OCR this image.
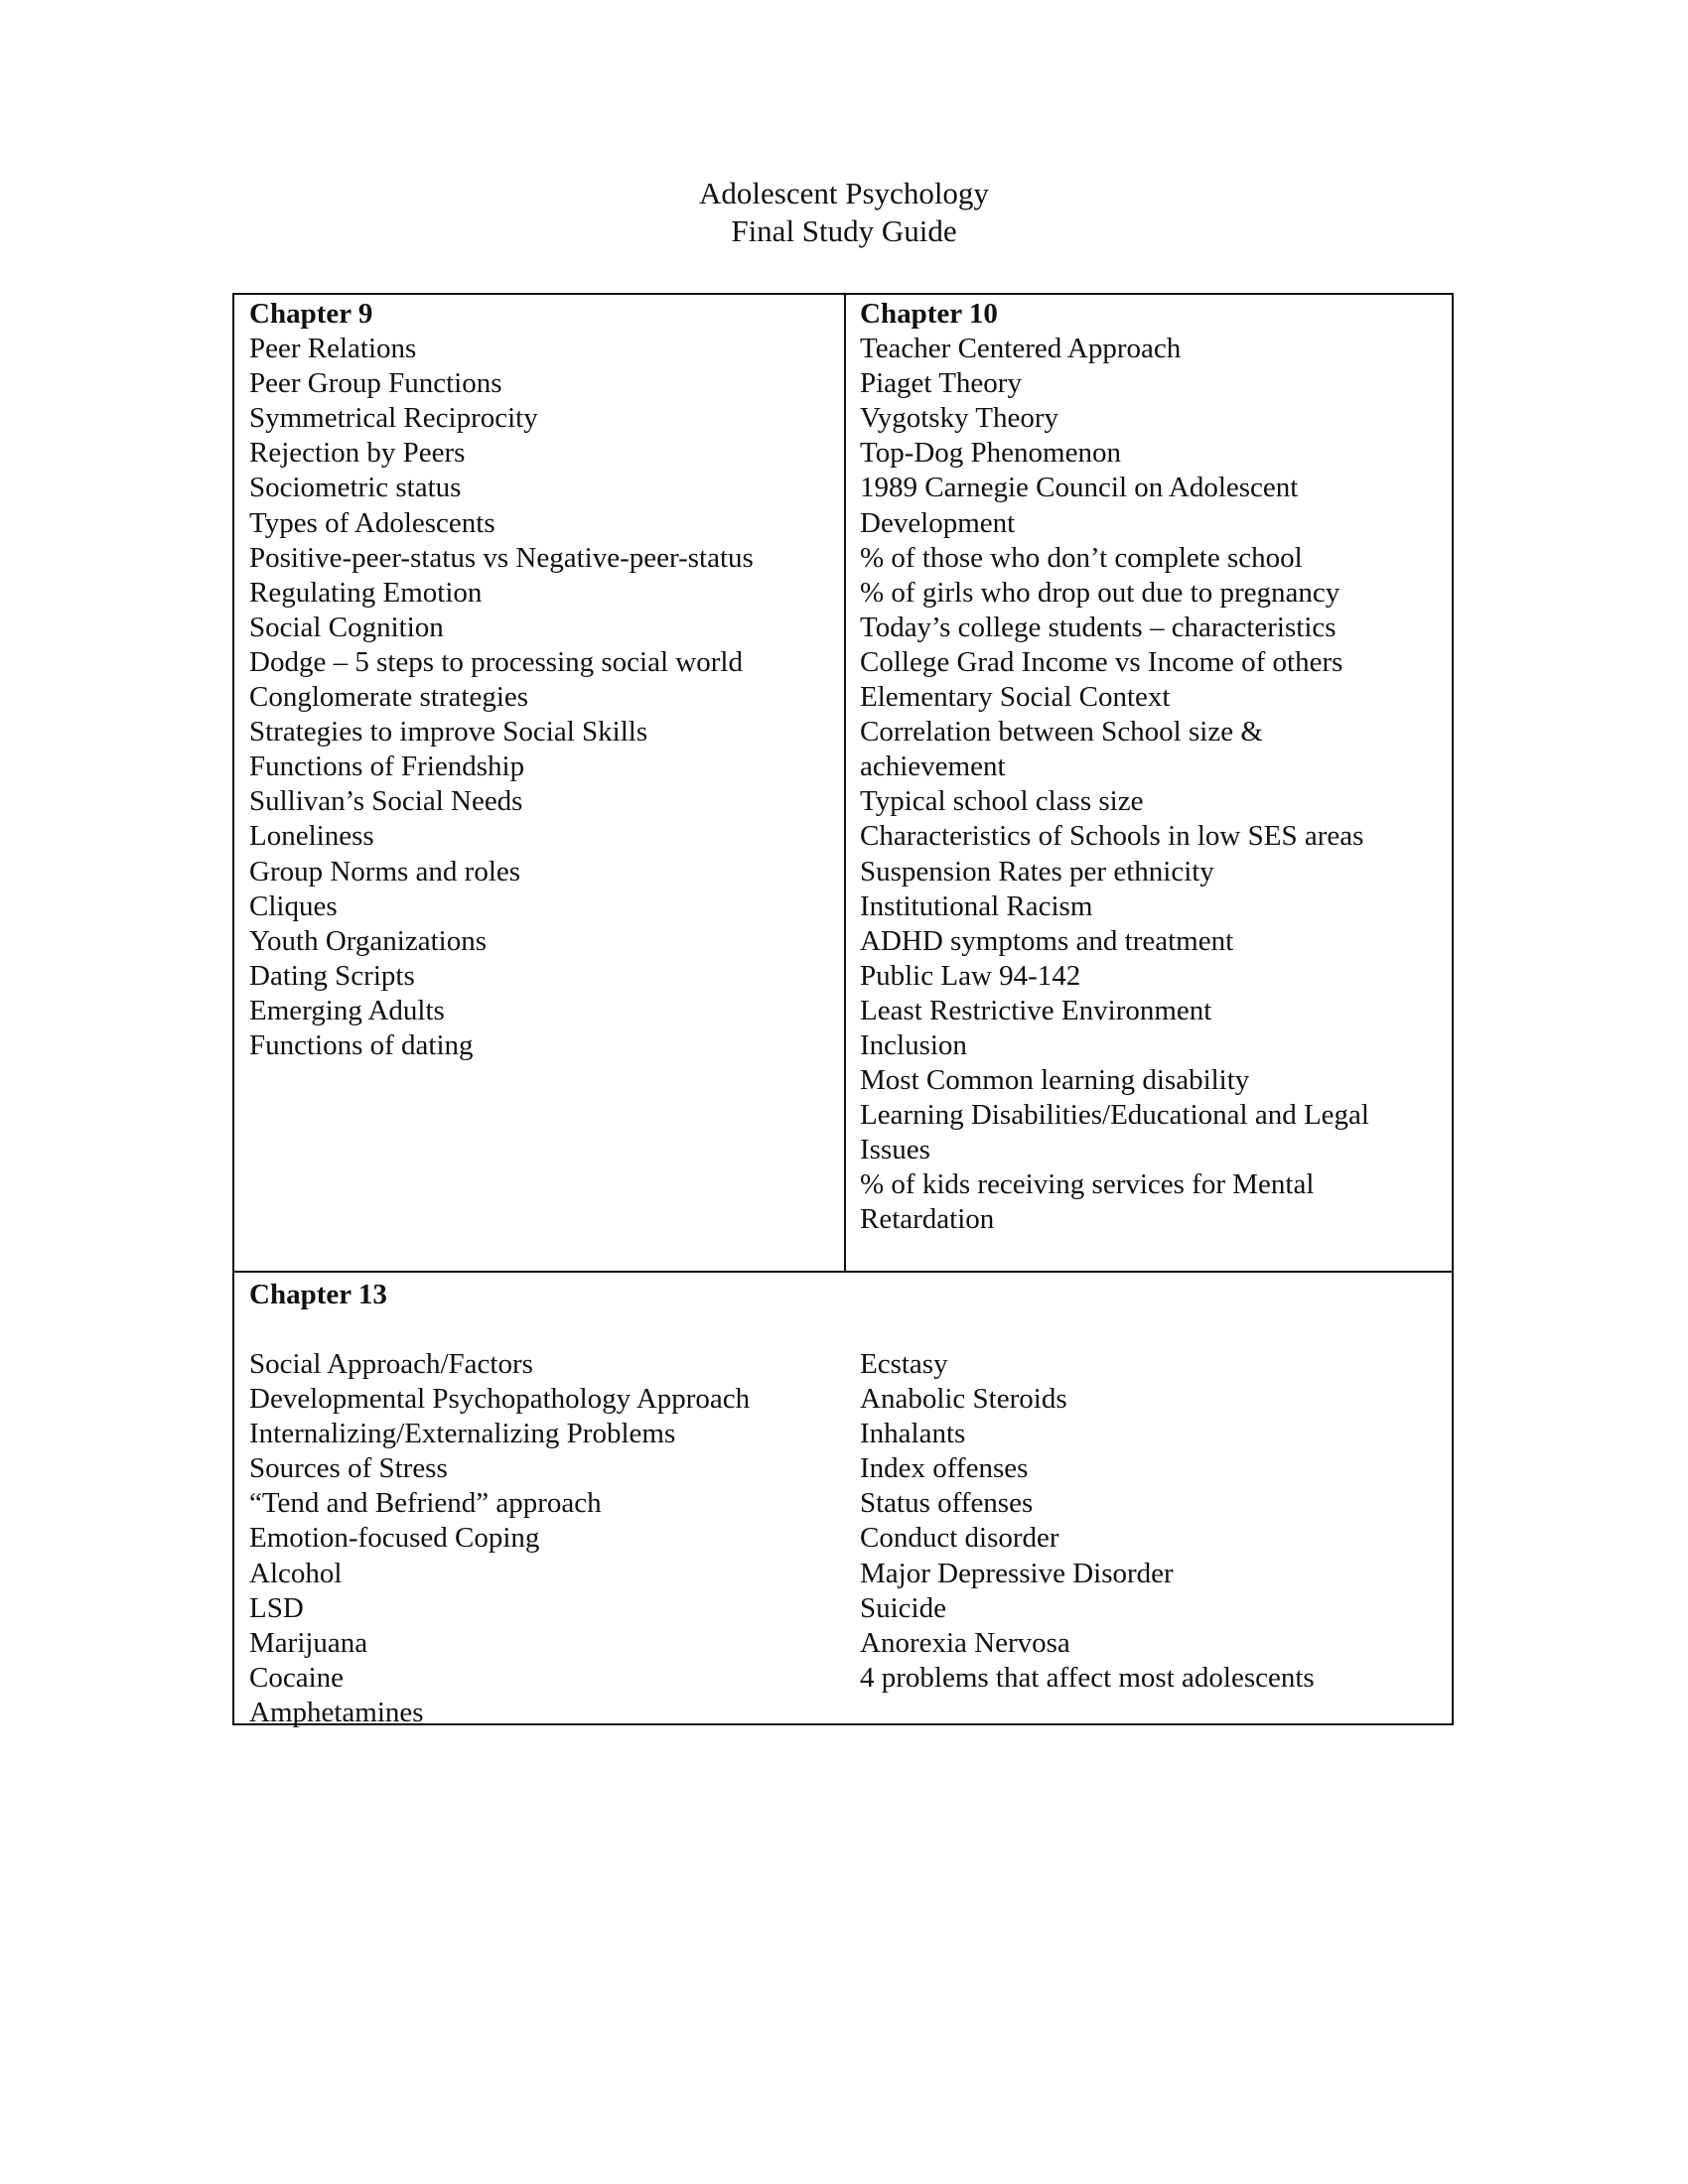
Adolescent Psychology
Final Study Guide
Chapter 9
Peer Relations
Peer Group Functions
Symmetrical Reciprocity
Rejection by Peers
Sociometric status
Types of Adolescents
Positive-peer-status vs Negative-peer-status
Regulating Emotion
Social Cognition
Dodge – 5 steps to processing social world
Conglomerate strategies
Strategies to improve Social Skills
Functions of Friendship
Sullivan’s Social Needs
Loneliness
Group Norms and roles
Cliques
Youth Organizations
Dating Scripts
Emerging Adults
Functions of dating
Chapter 10
Teacher Centered Approach
Piaget Theory
Vygotsky Theory
Top-Dog Phenomenon
1989 Carnegie Council on Adolescent
Development
% of those who don’t complete school
% of girls who drop out due to pregnancy
Today’s college students – characteristics
College Grad Income vs Income of others
Elementary Social Context
Correlation between School size &
achievement
Typical school class size
Characteristics of Schools in low SES areas
Suspension Rates per ethnicity
Institutional Racism
ADHD symptoms and treatment
Public Law 94-142
Least Restrictive Environment
Inclusion
Most Common learning disability
Learning Disabilities/Educational and Legal
Issues
% of kids receiving services for Mental
Retardation
Chapter 13
Social Approach/Factors
Developmental Psychopathology Approach
Internalizing/Externalizing Problems
Sources of Stress
“Tend and Befriend” approach
Emotion-focused Coping
Alcohol
LSD
Marijuana
Cocaine
Amphetamines
Ecstasy
Anabolic Steroids
Inhalants
Index offenses
Status offenses
Conduct disorder
Major Depressive Disorder
Suicide
Anorexia Nervosa
4 problems that affect most adolescents
